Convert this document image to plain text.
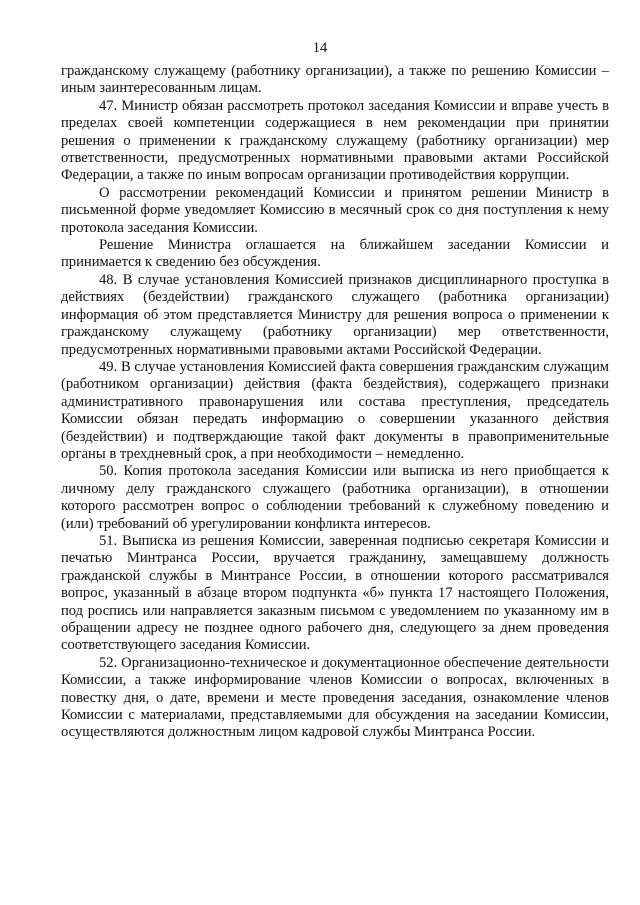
14

гражданскому служащему (работнику организации), а также по решению Комиссии – иным заинтересованным лицам.

47. Министр обязан рассмотреть протокол заседания Комиссии и вправе учесть в пределах своей компетенции содержащиеся в нем рекомендации при принятии решения о применении к гражданскому служащему (работнику организации) мер ответственности, предусмотренных нормативными правовыми актами Российской Федерации, а также по иным вопросам организации противодействия коррупции.

О рассмотрении рекомендаций Комиссии и принятом решении Министр в письменной форме уведомляет Комиссию в месячный срок со дня поступления к нему протокола заседания Комиссии.

Решение Министра оглашается на ближайшем заседании Комиссии и принимается к сведению без обсуждения.

48. В случае установления Комиссией признаков дисциплинарного проступка в действиях (бездействии) гражданского служащего (работника организации) информация об этом представляется Министру для решения вопроса о применении к гражданскому служащему (работнику организации) мер ответственности, предусмотренных нормативными правовыми актами Российской Федерации.

49. В случае установления Комиссией факта совершения гражданским служащим (работником организации) действия (факта бездействия), содержащего признаки административного правонарушения или состава преступления, председатель Комиссии обязан передать информацию о совершении указанного действия (бездействии) и подтверждающие такой факт документы в правоприменительные органы в трехдневный срок, а при необходимости – немедленно.

50. Копия протокола заседания Комиссии или выписка из него приобщается к личному делу гражданского служащего (работника организации), в отношении которого рассмотрен вопрос о соблюдении требований к служебному поведению и (или) требований об урегулировании конфликта интересов.

51. Выписка из решения Комиссии, заверенная подписью секретаря Комиссии и печатью Минтранса России, вручается гражданину, замещавшему должность гражданской службы в Минтрансе России, в отношении которого рассматривался вопрос, указанный в абзаце втором подпункта «б» пункта 17 настоящего Положения, под роспись или направляется заказным письмом с уведомлением по указанному им в обращении адресу не позднее одного рабочего дня, следующего за днем проведения соответствующего заседания Комиссии.

52. Организационно-техническое и документационное обеспечение деятельности Комиссии, а также информирование членов Комиссии о вопросах, включенных в повестку дня, о дате, времени и месте проведения заседания, ознакомление членов Комиссии с материалами, представляемыми для обсуждения на заседании Комиссии, осуществляются должностным лицом кадровой службы Минтранса России.
